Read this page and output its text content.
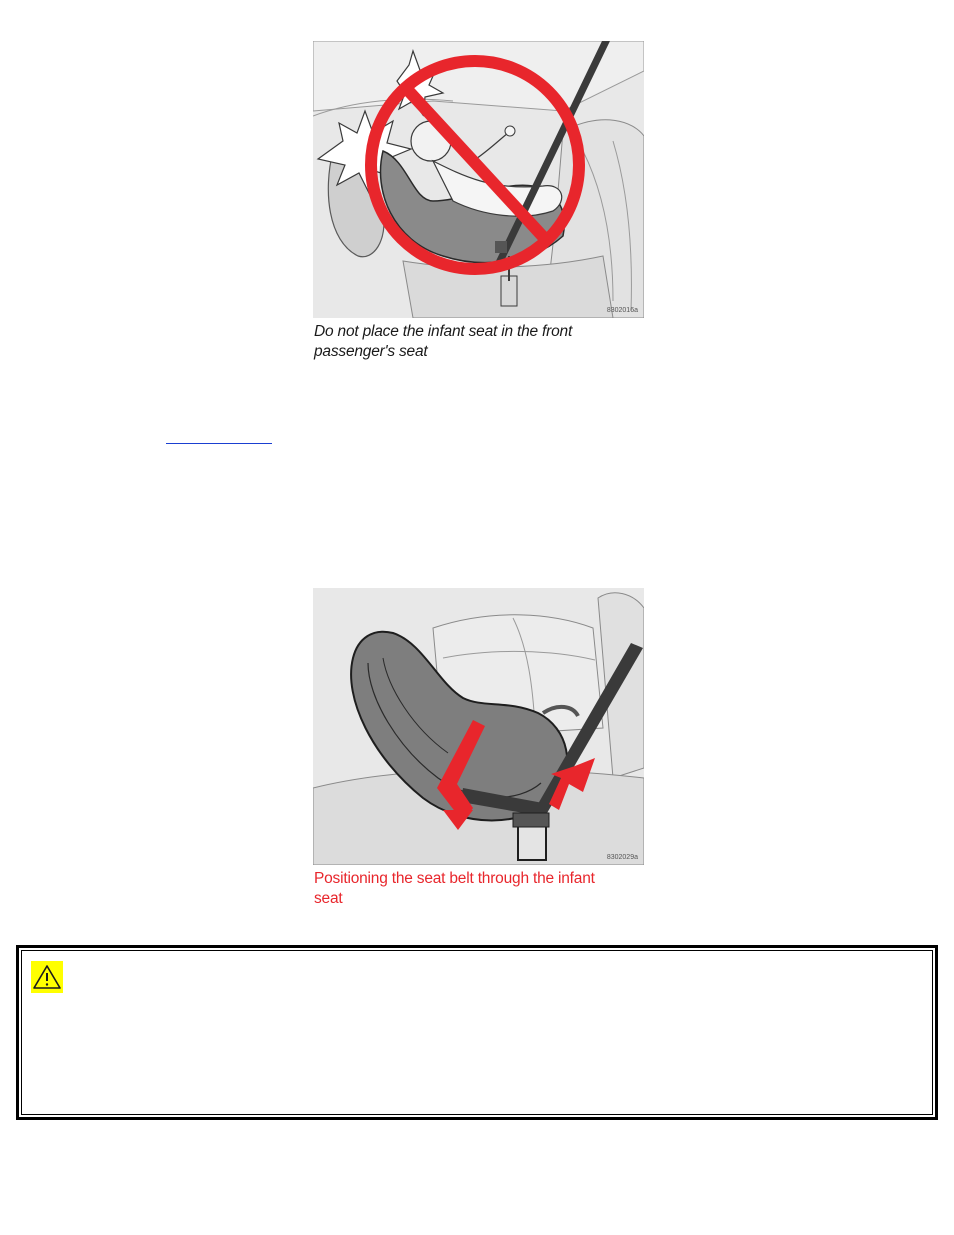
8302016a
Do not place the infant seat in the front
passenger's seat
8302029a
Positioning the seat belt through the infant
seat
